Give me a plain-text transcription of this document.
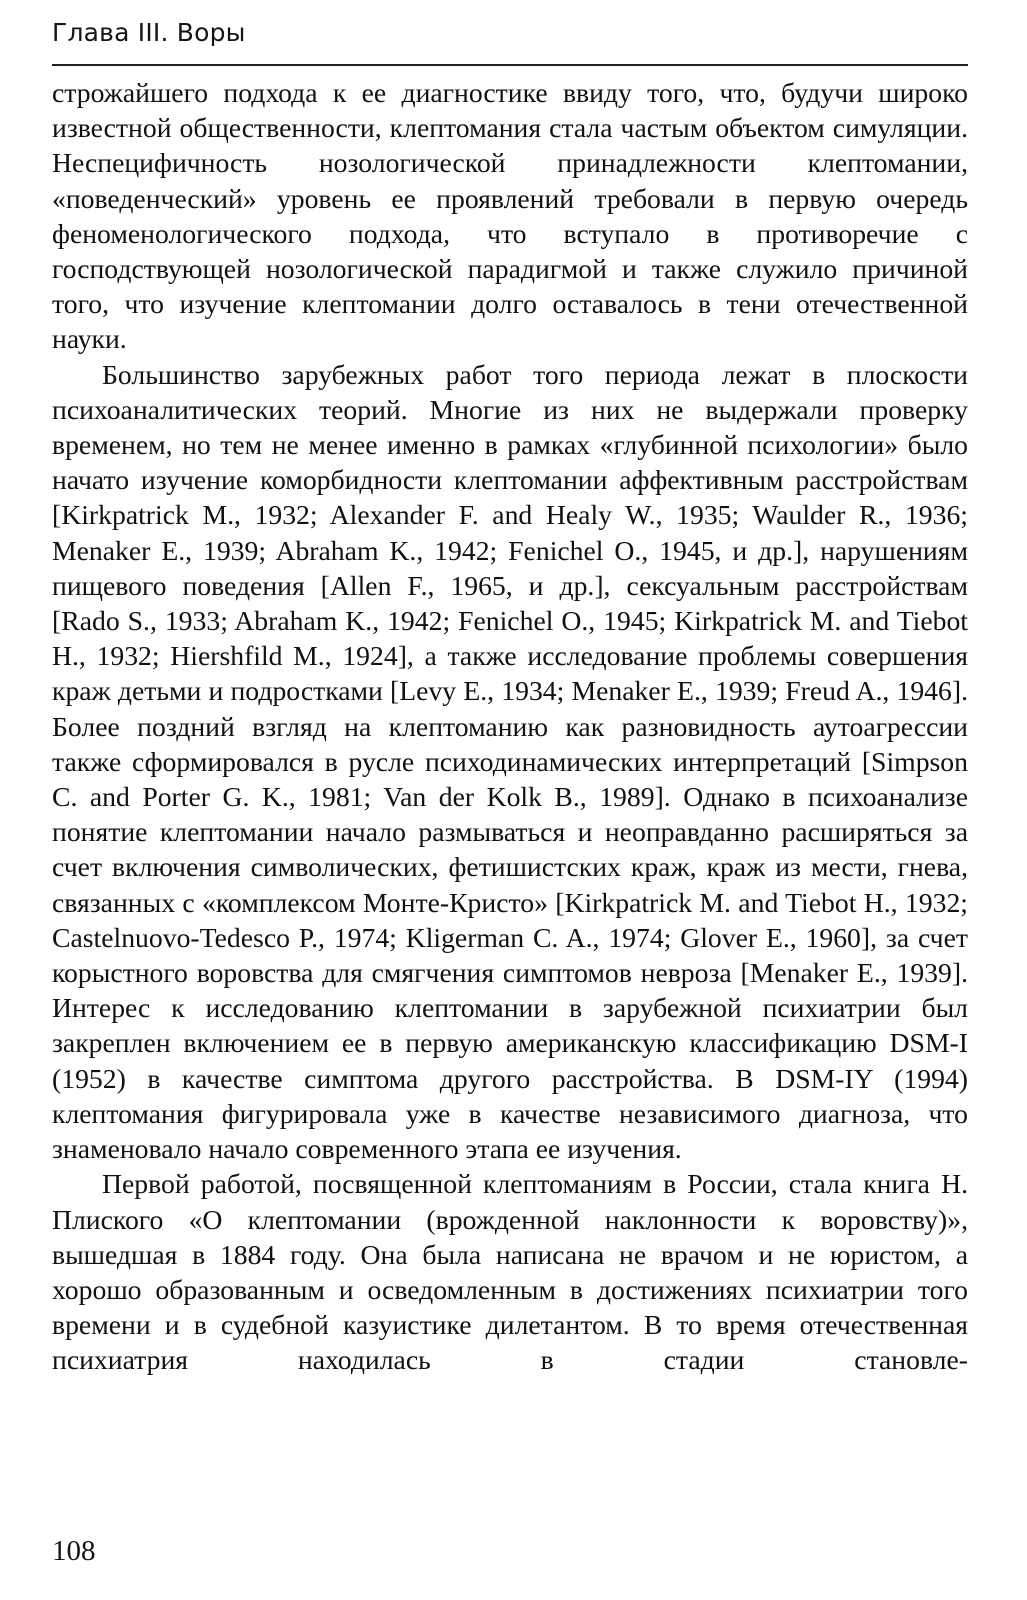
Глава III. Воры

строжайшего подхода к ее диагностике ввиду того, что, будучи широко известной общественности, клептомания стала частым объектом симуляции. Неспецифичность нозологической принадлежности клептомании, «поведенческий» уровень ее проявлений требовали в первую очередь феноменологического подхода, что вступало в противоречие с господствующей нозологической парадигмой и также служило причиной того, что изучение клептомании долго оставалось в тени отечественной науки.

Большинство зарубежных работ того периода лежат в плоскости психоаналитических теорий. Многие из них не выдержали проверку временем, но тем не менее именно в рамках «глубинной психологии» было начато изучение коморбидности клептомании аффективным расстройствам [Kirkpatrick M., 1932; Alexander F. and Healy W., 1935; Waulder R., 1936; Menaker E., 1939; Abraham K., 1942; Fenichel O., 1945, и др.], нарушениям пищевого поведения [Allen F., 1965, и др.], сексуальным расстройствам [Rado S., 1933; Abraham K., 1942; Fenichel O., 1945; Kirkpatrick M. and Tiebot H., 1932; Hiershfild M., 1924], а также исследование проблемы совершения краж детьми и подростками [Levy E., 1934; Menaker E., 1939; Freud A., 1946]. Более поздний взгляд на клептоманию как разновидность аутоагрессии также сформировался в русле психодинамических интерпретаций [Simpson C. and Porter G. K., 1981; Van der Kolk B., 1989]. Однако в психоанализе понятие клептомании начало размываться и неоправданно расширяться за счет включения символических, фетишистских краж, краж из мести, гнева, связанных с «комплексом Монте-Кристо» [Kirkpatrick M. and Tiebot H., 1932; Castelnuovo-Tedesco P., 1974; Kligerman C. A., 1974; Glover E., 1960], за счет корыстного воровства для смягчения симптомов невроза [Menaker E., 1939]. Интерес к исследованию клептомании в зарубежной психиатрии был закреплен включением ее в первую американскую классификацию DSM-I (1952) в качестве симптома другого расстройства. В DSM-IY (1994) клептомания фигурировала уже в качестве независимого диагноза, что знаменовало начало современного этапа ее изучения.

Первой работой, посвященной клептоманиям в России, стала книга Н. Плиского «О клептомании (врожденной наклонности к воровству)», вышедшая в 1884 году. Она была написана не врачом и не юристом, а хорошо образованным и осведомленным в достижениях психиатрии того времени и в судебной казуистике дилетантом. В то время отечественная психиатрия находилась в стадии становле-

108
